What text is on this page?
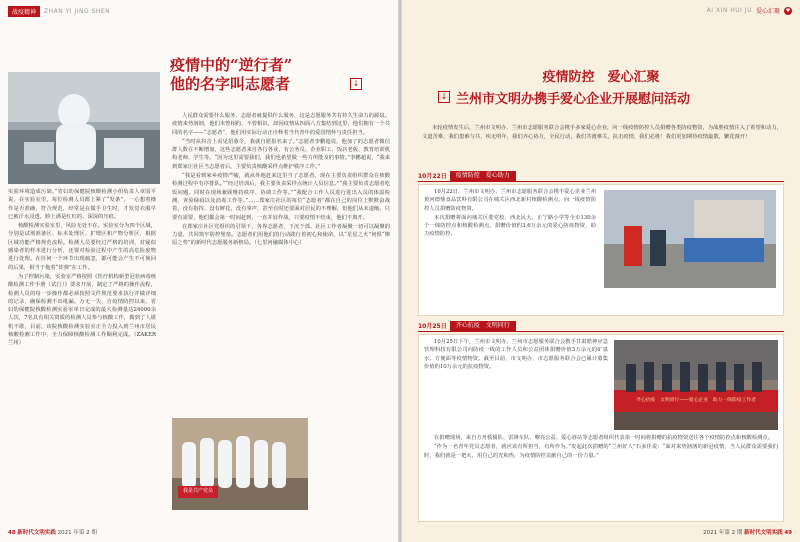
战疫精神	ZHAN YI JING SHEN
疫情中的“逆行者”
他的名字叫志愿者	↓

实验环境造成污染。”省妇幼保健院核酸检测小组负责人章国平说，在实验室里，每位检测人员都上紧了“发条”，一心想着操作是否准确、符合规范，经常是在做手卫生时，才发觉衣服早已被汗水浸透，脸上满是红红的、深深的压痕。

核酸检测实验室里，风险无处不在。实验室分为四个区域，分别是试剂准备区、标本处理区、扩增区和产物分析区，根据区域功能严格规范流程。检测人员要经过严格的培训，对疑似感染者的样本进行分析，还要对检验过程中产生的高危险废物进行处理。在任何一个环节出现疏忽，都可能会产生不可挽回的后果，相当于拖着“炸弹”在工作。

为了控制污染，实验室严格按照《医疗机构新型冠状病毒核酸检测工作手册（试行）》要求开展，制定了严格的操作流程，检测人员的每一步操作都必须按照文件规范要求执行并做详细的记录，确保检测不出纰漏。万无一失，自疫情防控以来，省妇幼保健院核酸检测实验室单日完成的最大检测量达24000余人次，7名具有相关资质的检测人员参与核酸工作，做到了人歇机不歇，目前，该院核酸检测实验室正全力投入到兰州市居民核酸检测工作中，全力保障核酸检测工作顺利完成。（ZAKER兰州）

人民群众需要什么服务，志愿者就提供什么服务，这是志愿服务共有持久生命力的源泉。疫情来势汹汹，他们未曾相约，不曾相识，却因疫情从四面八方集结到这里，他们拥有一个共同的名字——“志愿者”，他们用实际行动正诠释着当代青年的爱国情怀与责任担当。

“当时从抖音上看见招募令，我就自愿报名来了。”志愿者李鹏超说，他加了的志愿者微信群人数在不断增加，这些志愿者来自各行各业，有公务员、企业职工、饭店老板、教育培训机构老师、学生等。“因为这里需要我们，我们也希望做一些力所能及的事情。”李鹏超说，“我来到郑家庄社区当志愿者后，主要负责核酸采样点维护秩序工作。”

“我是看到家乡疫情严峻，就从外地赶来这里当了志愿者，现在主要负责组织群众在核酸检测过程中有序排队。”“经过培训后，我主要负责采样点统计人员信息。”“我主要负责志愿者吃饭问题，同时在现场兼顾维持秩序、协调工作等。”“我配合工作人员进行进出入员的体温检测，查验绿码以及消毒工作等。”……郑家庄社区的每位“志愿者”都在自己的岗位上默默奋战着，没有指挥、没有鲜花，没有掌声，甚至有时还要面对居民的不理解，但他们从未退缩。只要有需要，他们都会第一时间赶到，一直并肩作战，只要疫情不结束，他们不离开。

在郑家庄社区党组织的引领下，各界志愿者、下沉干部、社区工作者凝聚一切可以凝聚的力量，共同筑牢防控堡垒。志愿者们用他们的行动践行着初心和使命，以“星星之火”何惧“燎原之势”的新时代志愿服务新格局。（七里河融媒体中心）

我是共产党员
48 新时代文明实践 2021 年第 2 期
AI XIN HUI JU 爱心汇聚	♥
疫情防控　爱心汇聚
↓ 兰州市文明办携手爱心企业开展慰问活动

本轮疫情发生后，兰州市文明办、兰州市志愿服务联合会携手多家爱心企业，向一线疫情防控人员捐赠各类防疫物资，为战胜疫情注入了希望和动力，文道苦难，我们患难与共，疾无明年，我们齐心协力，全民行动，我们共渡难关，抗击疫情，我们必胜！我们更加期待疫情最散，繁花漫开！

10月22日	疫情防控　爱心助力

10月22日，兰州市文明办、兰州市志愿服务联合会携手爱心企业兰州黄河德鼎食品饮料有限公司在城关区西北新村核酸检测点，向一线疫情防控人员捐赠防疫物资。

本次捐赠将面向城关区委党校、西北民大、正宁路小学等全市130余个一线防控点和核酸检测点，捐赠价值约3.6万余元的爱心防疫物资，助力疫情防控。

10月25日	齐心抗疫　文明同行

10月25日下午，兰州市文明办、兰州市志愿服务联合会携手甘肃皓神应急管理科技有限公司向防疫一线的工作人员和公益团体捐赠价值3万余元的矿泉水、方便面等疫情物资。截至目前，市文明办、市志愿服务联合会已累计募集价值约10万余元的抗疫物资。

齐心抗疫　文明同行——爱心企业　助力一线防疫工作者

在捐赠现场，来自方舟救援队、雷锋车队、嘹亮公益、爱心驿站等志愿者组织代表第一时间将捐赠的抗疫物资送往各个疫情防控点和核酸检测点。

“作为一名青年党员志愿者，就应该有所担当，有所作为。”发起此次捐赠的“兰州好人”石多佳说：“面对来势汹汹的新冠疫情，当人民群众需要我们时，我们就是一把火，用自己的光和热，为疫情防控贡献自己的一份力量。”

2021 年第 2 期 新时代文明实践 49
